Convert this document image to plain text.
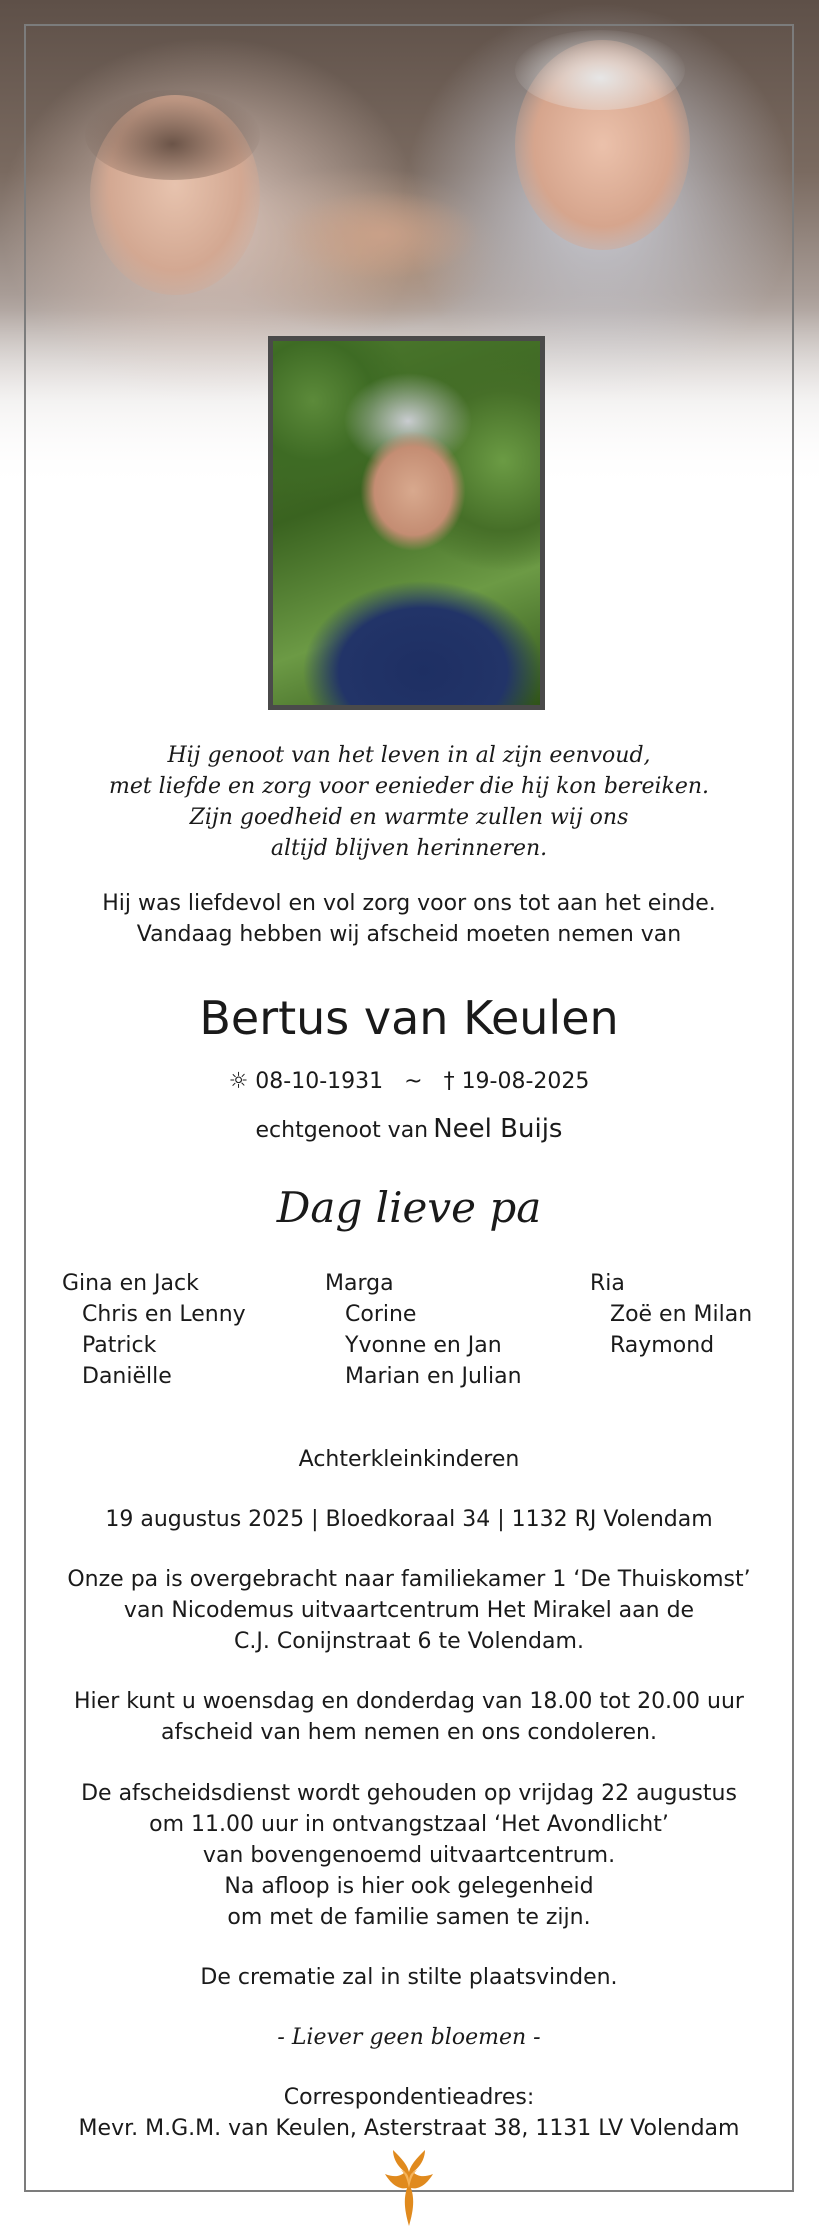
Hij genoot van het leven in al zijn eenvoud,
met liefde en zorg voor eenieder die hij kon bereiken.
Zijn goedheid en warmte zullen wij ons
altijd blijven herinneren.
Hij was liefdevol en vol zorg voor ons tot aan het einde.
Vandaag hebben wij afscheid moeten nemen van
Bertus van Keulen
☼ 08-10-1931 ~ † 19-08-2025
echtgenoot van Neel Buijs
Dag lieve pa
Gina en Jack
Chris en Lenny
Patrick
Daniëlle
Marga
Corine
Yvonne en Jan
Marian en Julian
Ria
Zoë en Milan
Raymond
Achterkleinkinderen
19 augustus 2025 | Bloedkoraal 34 | 1132 RJ Volendam
Onze pa is overgebracht naar familiekamer 1 ‘De Thuiskomst’
van Nicodemus uitvaartcentrum Het Mirakel aan de
C.J. Conijnstraat 6 te Volendam.
Hier kunt u woensdag en donderdag van 18.00 tot 20.00 uur
afscheid van hem nemen en ons condoleren.
De afscheidsdienst wordt gehouden op vrijdag 22 augustus
om 11.00 uur in ontvangstzaal ‘Het Avondlicht’
van bovengenoemd uitvaartcentrum.
Na afloop is hier ook gelegenheid
om met de familie samen te zijn.
De crematie zal in stilte plaatsvinden.
- Liever geen bloemen -
Correspondentieadres:
Mevr. M.G.M. van Keulen, Asterstraat 38, 1131 LV Volendam
